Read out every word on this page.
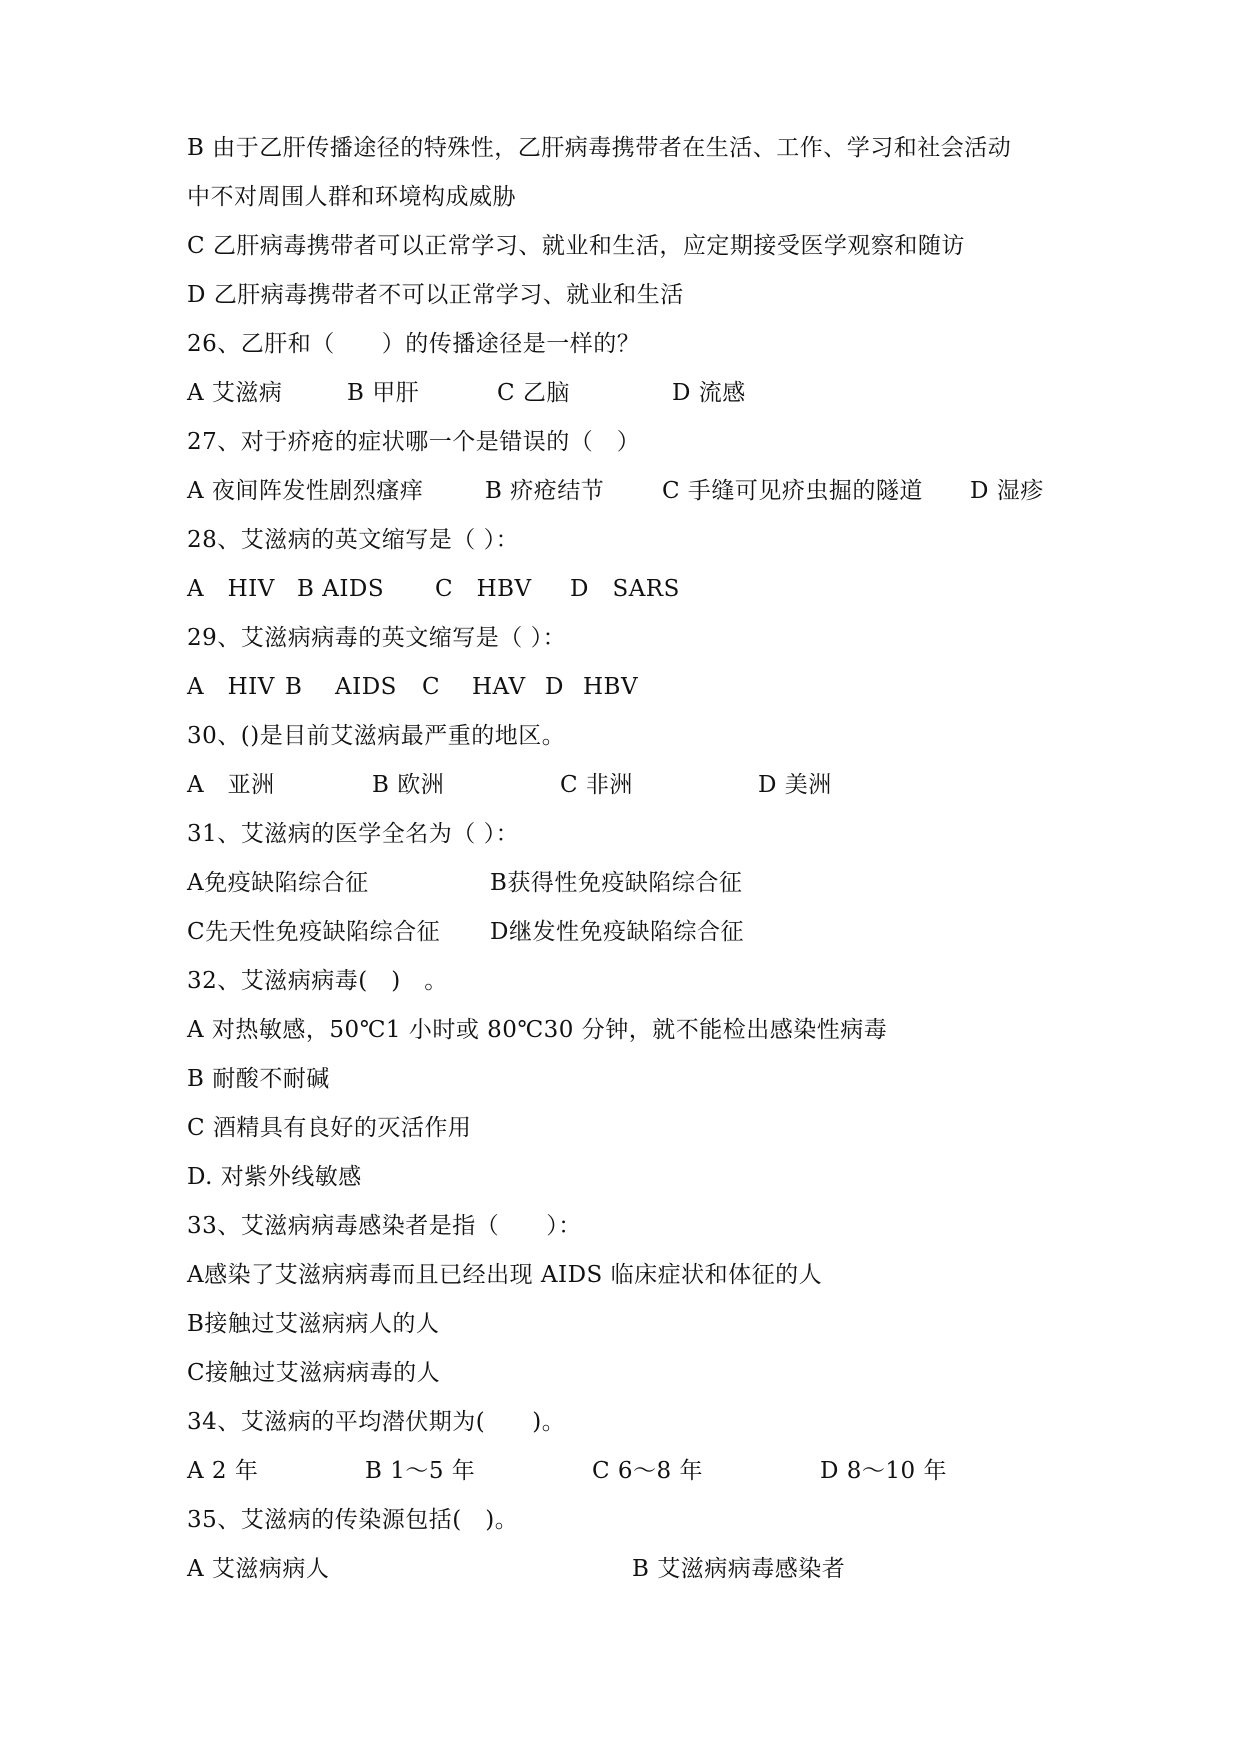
B 由于乙肝传播途径的特殊性，乙肝病毒携带者在生活、工作、学习和社会活动
中不对周围人群和环境构成威胁
C 乙肝病毒携带者可以正常学习、就业和生活，应定期接受医学观察和随访
D 乙肝病毒携带者不可以正常学习、就业和生活
26、乙肝和（　　）的传播途径是一样的？
A 艾滋病	B 甲肝	C 乙脑	D 流感
27、对于疥疮的症状哪一个是错误的（　）
A 夜间阵发性剧烈瘙痒	B 疥疮结节	C 手缝可见疥虫掘的隧道 D 湿疹
28、艾滋病的英文缩写是（ ）：
A　HIV B AIDS C　HBV D　SARS
29、艾滋病病毒的英文缩写是（ ）：
A　HIV B AIDS C HAV D HBV
30、()是目前艾滋病最严重的地区。
A　亚洲	B 欧洲	C 非洲	D 美洲
31、艾滋病的医学全名为（ ）：
A免疫缺陷综合征	B获得性免疫缺陷综合征
C先天性免疫缺陷综合征 D继发性免疫缺陷综合征
32、艾滋病病毒(　)　。
A 对热敏感，50℃1 小时或 80℃30 分钟，就不能检出感染性病毒
B 耐酸不耐碱
C 酒精具有良好的灭活作用
D. 对紫外线敏感
33、艾滋病病毒感染者是指（　　）：
A感染了艾滋病病毒而且已经出现 AIDS 临床症状和体征的人
B接触过艾滋病病人的人
C接触过艾滋病病毒的人
34、艾滋病的平均潜伏期为(　　)。
A 2 年	B 1～5 年	C 6～8 年	D 8～10 年
35、艾滋病的传染源包括(　)。
A 艾滋病病人	B 艾滋病病毒感染者
